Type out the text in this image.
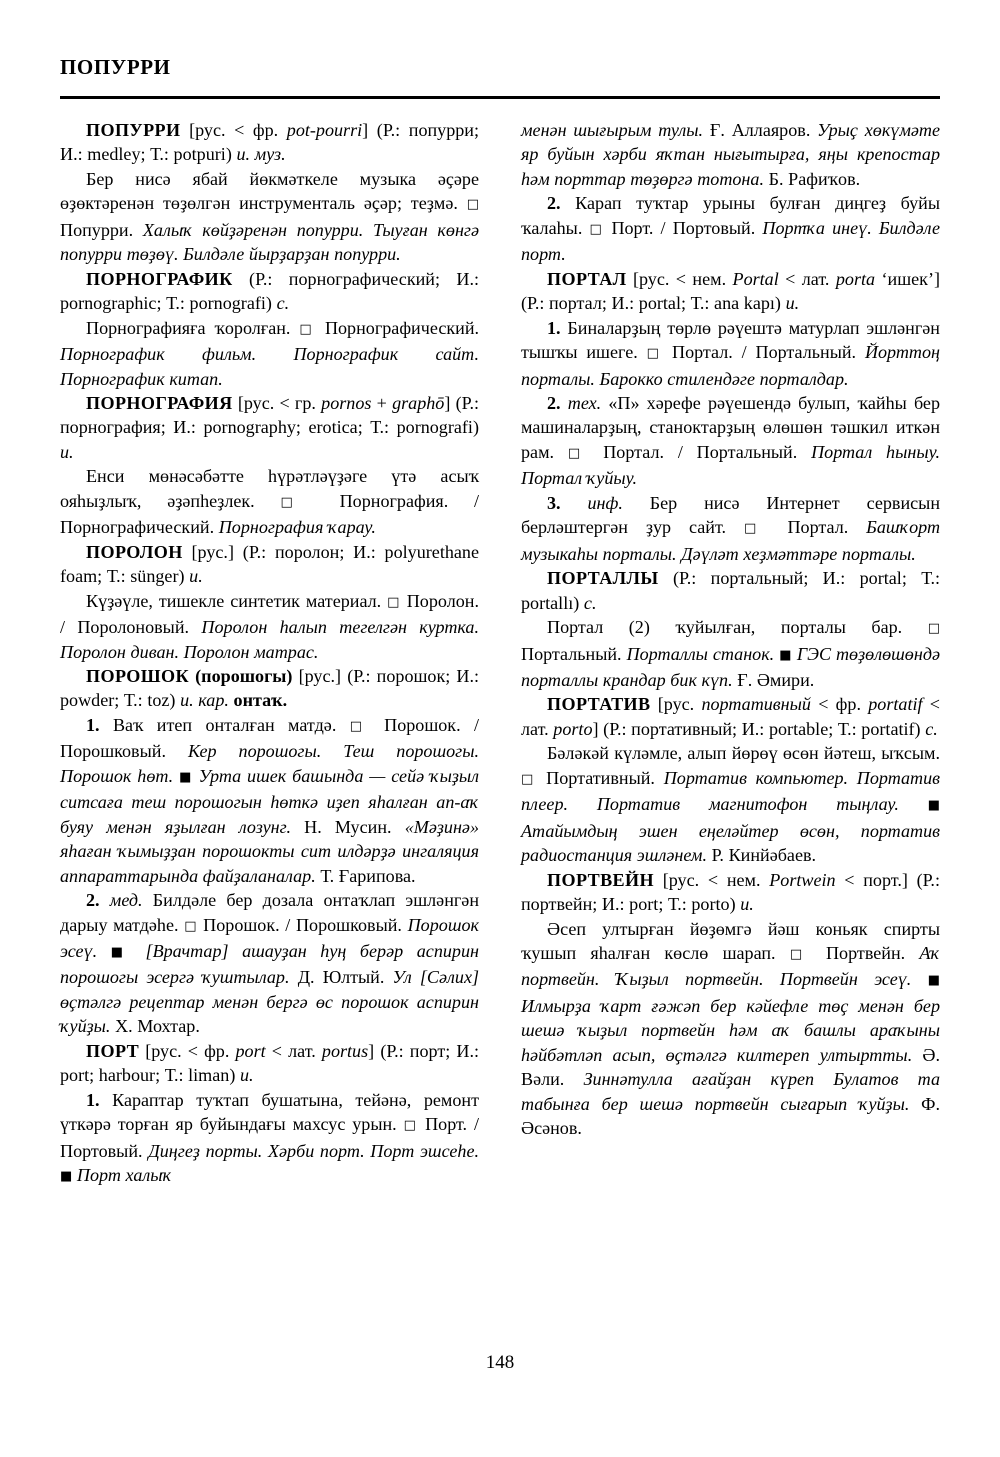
ПОПУРРИ

ПОПУРРИ [рус. < фр. pot-pourri] (Р.: попурри; И.: medley; Т.: potpuri) и. муз.

Бер нисә ябай йөкмәткеле музыка әҫәре өҙөктәренән төҙөлгән инструменталь әҫәр; теҙмә. □ Попурри. Халыҡ көйҙәренән попурри. Тыуған көнгә попурри төҙөү. Билдәле йырҙарҙан попурри.

ПОРНОГРАФИК (Р.: порнографический; И.: pornographic; Т.: pornografi) с.

Порнографияға ҡоролған. □ Порнографический. Порнографик фильм. Порнографик сайт. Порнографик китап.

ПОРНОГРАФИЯ [рус. < гр. pornos + graphō] (Р.: порнография; И.: pornography; erotica; Т.: pornografi) и.

Енси мөнәсәбәтте һүрәтләүҙәге үтә асыҡ ояһыҙлыҡ, әҙәпһеҙлек. □ Порнография. / Порнографический. Порнография ҡарау.

ПОРОЛОН [рус.] (Р.: поролон; И.: polyurethane foam; Т.: sünger) и.

Күҙәүле, тишекле синтетик материал. □ Поролон. / Поролоновый. Поролон һалып тегелгән куртка. Поролон диван. Поролон матрас.

ПОРОШОК (порошогы) [рус.] (Р.: порошок; И.: powder; Т.: toz) и. кар. онтаҡ.

1. Ваҡ итеп онталған матдә. □ Порошок. / Порошковый. Кер порошогы. Теш порошогы. Порошок һөт. ■ Урта ишек башында — сейә ҡыҙыл ситсаға теш порошогын һөткә иҙеп яһалған ап-аҡ буяу менән яҙылған лозунг. Н. Мусин. «Мәҙинә» яһаған ҡымыҙҙан порошокты сит илдәрҙә ингаляция аппараттарында файҙаланалар. Т. Ғарипова.

2. мед. Билдәле бер дозала онтаҡлап эшләнгән дарыу матдәһе. □ Порошок. / Порошковый. Порошок эсеү. ■ [Врачтар] ашауҙан һуң берәр аспирин порошогы эсергә ҡуштылар. Д. Юлтый. Ул [Сәлих] өҫтәлгә рецептар менән бергә өс порошок аспирин ҡуйҙы. Х. Мохтар.

ПОРТ [рус. < фр. port < лат. portus] (Р.: порт; И.: port; harbour; Т.: liman) и.

1. Караптар туҡтап бушатына, тейәнә, ремонт үткәрә торған яр буйындағы махсус урын. □ Порт. / Портовый. Диңгеҙ порты. Хәрби порт. Порт эшсеһе. ■ Порт халыҡ

менән шығырым тулы. Ғ. Аллаяров. Урыҫ хөкүмәте яр буйын хәрби яҡтан нығытырға, яңы крепостар һәм порттар төҙөргә тотона. Б. Рафиҡов.

2. Карап туҡтар урыны булған диңгеҙ буйы ҡалаһы. □ Порт. / Портовый. Портҡа инеү. Билдәле порт.

ПОРТАЛ [рус. < нем. Portal < лат. porta ‘ишек’] (Р.: портал; И.: portal; Т.: ana kapı) и.

1. Биналарҙың төрлө рәүештә матурлап эшләнгән тышҡы ишеге. □ Портал. / Портальный. Йорттоң порталы. Барокко стилендәге порталдар.

2. тех. «П» хәрефе рәүешендә булып, ҡайһы бер машиналарҙың, станоктарҙың өлөшөн тәшкил иткән рам. □ Портал. / Портальный. Портал һыныу. Портал ҡуйыу.

3. инф. Бер нисә Интернет сервисын берләштергән ҙур сайт. □ Портал. Башҡорт музыкаһы порталы. Дәүләт хеҙмәттәре порталы.

ПОРТАЛЛЫ (Р.: портальный; И.: portal; Т.: portallı) с.

Портал (2) ҡуйылған, порталы бар. □ Портальный. Порталлы станок. ■ ГЭС төҙөлөшөндә порталлы крандар бик күп. Ғ. Әмири.

ПОРТАТИВ [рус. портативный < фр. portatif < лат. porto] (Р.: портативный; И.: portable; Т.: portatif) с.

Бәләкәй күләмле, алып йөрөү өсөн йәтеш, ыҡсым. □ Портативный. Портатив компьютер. Портатив плеер. Портатив магнитофон тыңлау. ■ Атайымдың эшен еңеләйтер өсөн, портатив радиостанция эшләнем. Р. Кинйәбаев.

ПОРТВЕЙН [рус. < нем. Portwein < порт.] (Р.: портвейн; И.: port; Т.: porto) и.

Әсеп ултырған йөҙөмгә йәш коньяк спирты ҡушып яһалған көслө шарап. □ Портвейн. Аҡ портвейн. Ҡыҙыл портвейн. Портвейн эсеү. ■ Илмырҙа ҡарт ғәжәп бер кәйефле төҫ менән бер шешә ҡыҙыл портвейн һәм аҡ башлы араҡыны һәйбәтләп асып, өҫтәлгә килтереп ултыртты. Ә. Вәли. Зиннәтулла ағайҙан күреп Булатов та табынға бер шешә портвейн сығарып ҡуйҙы. Ф. Әсәнов.

148
